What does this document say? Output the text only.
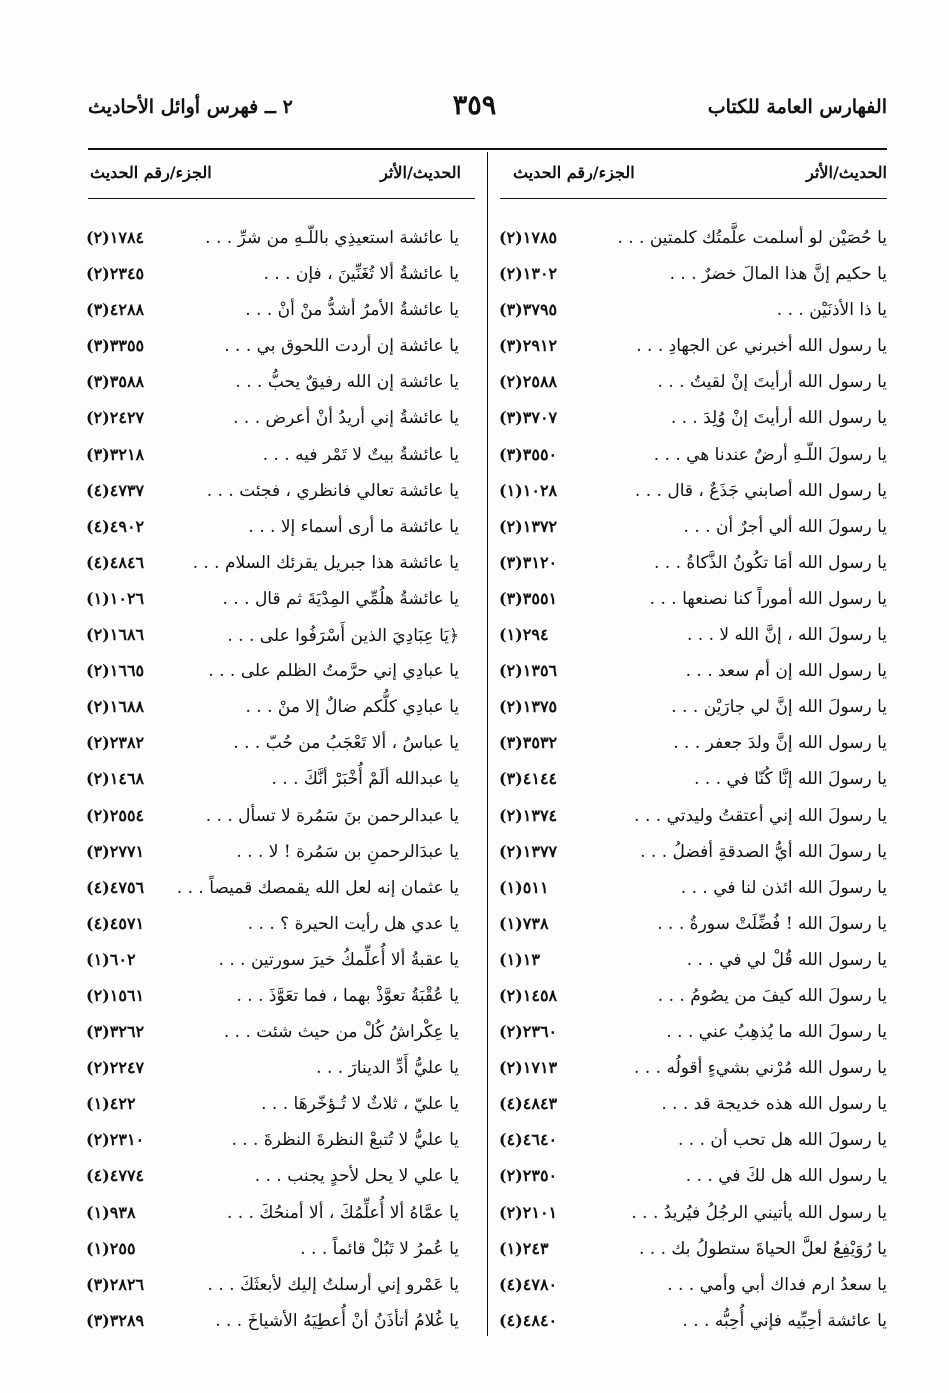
الفهارس العامة للكتاب
٣٥٩
٢ ــ فهرس أوائل الأحاديث
الحديث/الأثر
الجزء/رقم الحديث
الحديث/الأثر
الجزء/رقم الحديث
يا حُصَيْن لو أسلمت علَّمتُك كلمتين . . .
(٢)١٧٨٥
يا حكيم إنَّ هذا المالَ خضرٌ . . .
(٢)١٣٠٢
يا ذا الأذنَيْن . . .
(٣)٣٧٩٥
يا رسول الله أخبرني عن الجهادِ . . .
(٣)٢٩١٢
يا رسول الله أرأيتَ إنْ لقيتُ . . .
(٢)٢٥٨٨
يا رسول الله أرأيتَ إنْ وُلِدَ . . .
(٣)٣٧٠٧
يا رسولَ اللّـهِ أرضٌ عندنا هي . . .
(٣)٣٥٥٠
يا رسول الله أصابني جَذَعٌ ، قال . . .
(١)١٠٢٨
يا رسولَ الله ألي أجرٌ أن . . .
(٢)١٣٧٢
يا رسول الله أمَا تكُونُ الذَّكاةُ . . .
(٣)٣١٢٠
يا رسول الله أموراً كنا نصنعها . . .
(٣)٣٥٥١
يا رسولَ الله ، إنَّ الله لا . . .
(١)٢٩٤
يا رسول الله إن أم سعد . . .
(٢)١٣٥٦
يا رسولَ الله إنَّ لي جارَيْن . . .
(٢)١٣٧٥
يا رسول الله إنَّ ولدَ جعفر . . .
(٣)٣٥٣٢
يا رسولَ الله إنَّا كُنّا في . . .
(٣)٤١٤٤
يا رسولَ الله إني أعتقتُ وليدتي . . .
(٢)١٣٧٤
يا رسولَ الله أيُّ الصدقةِ أفضلُ . . .
(٢)١٣٧٧
يا رسولَ الله ائذن لنا في . . .
(١)٥١١
يا رسولَ الله ! فُضِّلَتْ سورةُ . . .
(١)٧٣٨
يا رسول الله قُلْ لي في . . .
(١)١٣
يا رسولَ الله كيفَ من يصُومُ . . .
(٢)١٤٥٨
يا رسولَ الله ما يُذهِبُ عني . . .
(٢)٢٣٦٠
يا رسول الله مُرْني بشيءٍ أقولُه . . .
(٢)١٧١٣
يا رسول الله هذه خديجة قد . . .
(٤)٤٨٤٣
يا رسولَ الله هل تحب أن . . .
(٤)٤٦٤٠
يا رسول الله هل لكَ في . . .
(٢)٢٣٥٠
يا رسول الله يأتيني الرجُلُ فيُريدُ . . .
(٢)٢١٠١
يا رُوَيْفِعُ لعلَّ الحياةَ ستطولُ بك . . .
(١)٢٤٣
يا سعدُ ارم فداك أبي وأمي . . .
(٤)٤٧٨٠
يا عائشة أحِبِّيه فإني أُحِبُّه . . .
(٤)٤٨٤٠
يا عائشة استعيذِي باللّـهِ من شرِّ . . .
(٢)١٧٨٤
يا عائشةُ ألا تُغَنِّينَ ، فإن . . .
(٢)٢٣٤٥
يا عائشةُ الأمرُ أشدُّ منْ أنْ . . .
(٣)٤٢٨٨
يا عائشة إن أردت اللحوق بي . . .
(٣)٣٣٥٥
يا عائشة إن الله رفيقٌ يحبُّ . . .
(٣)٣٥٨٨
يا عائشةُ إني أريدُ أنْ أعرض . . .
(٢)٢٤٢٧
يا عائشةُ بيتٌ لا تَمْر فيه . . .
(٣)٣٢١٨
يا عائشة تعالي فانظري ، فجئت . . .
(٤)٤٧٣٧
يا عائشة ما أرى أسماء إلا . . .
(٤)٤٩٠٢
يا عائشة هذا جبريل يقرئك السلام . . .
(٤)٤٨٤٦
يا عائشةُ هلُمِّي المِدْيَةَ ثم قال . . .
(١)١٠٢٦
﴿يَا عِبَادِيَ الذين أَسْرَفُوا على . . .
(٢)١٦٨٦
يا عبادِي إني حرَّمتُ الظلم على . . .
(٢)١٦٦٥
يا عبادِي كلُّكم ضالٌ إلا منْ . . .
(٢)١٦٨٨
يا عباسُ ، ألا تَعْجَبُ من حُبّ . . .
(٢)٢٣٨٢
يا عبدالله ألَمْ أُخْبَرْ أنَّكَ . . .
(٢)١٤٦٨
يا عبدالرحمن بنَ سَمُرة لا تسأل . . .
(٢)٢٥٥٤
يا عبدَالرحمنِ بن سَمُرة ! لا . . .
(٣)٢٧٧١
يا عثمان إنه لعل الله يقمصك قميصاً . . .
(٤)٤٧٥٦
يا عدي هل رأيت الحيرة ؟ . . .
(٤)٤٥٧١
يا عقبةُ ألا أُعلِّمكُ خيرَ سورتين . . .
(١)٦٠٢
يا عُقْبَةُ تعوَّذْ بهما ، فما تعَوَّذَ . . .
(٢)١٥٦١
يا عِكْراشُ كُلْ من حيث شئت . . .
(٣)٣٢٦٢
يا عليُّ أَدِّ الدينارَ . . .
(٢)٢٢٤٧
يا عليّ ، ثلاثٌ لا تُـؤخّرهَا . . .
(١)٤٢٢
يا عليُّ لا تُتبعْ النظرةَ النظرةَ . . .
(٢)٢٣١٠
يا علي لا يحل لأحدٍ يجنب . . .
(٤)٤٧٧٤
يا عمَّاهُ ألا أُعلِّمُكَ ، ألا أمنحُكَ . . .
(١)٩٣٨
يا عُمرُ لا تَبُلْ قائماً . . .
(١)٢٥٥
يا عَمْرو إني أرسلتُ إليك لأبعثَكَ . . .
(٣)٢٨٢٦
يا غُلامُ أتأذَنُ أنْ أُعطِيَهُ الأشياخَ . . .
(٣)٣٢٨٩
